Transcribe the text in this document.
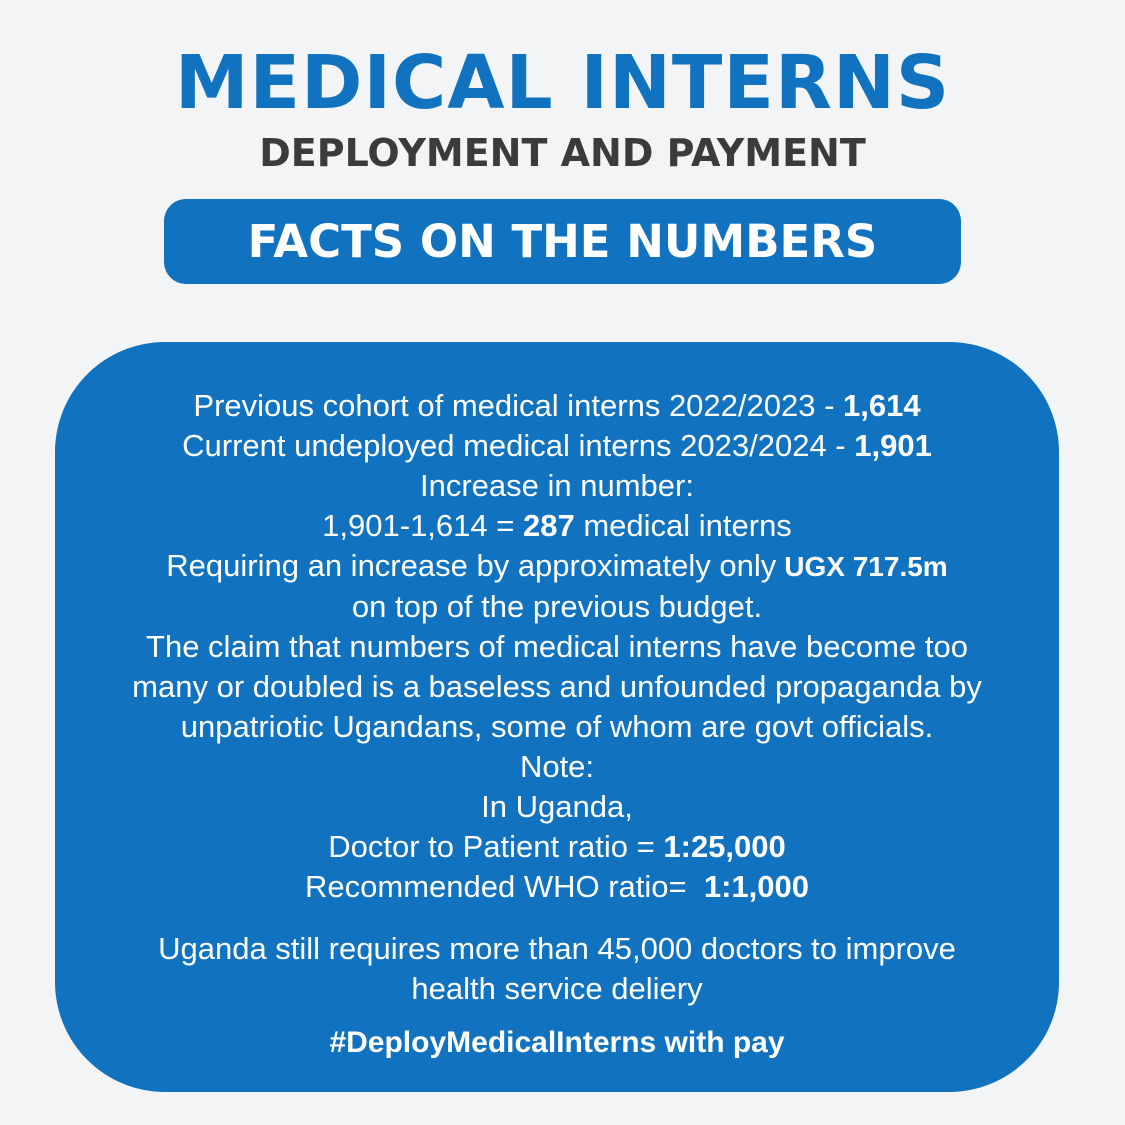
MEDICAL INTERNS
DEPLOYMENT AND PAYMENT
FACTS ON THE NUMBERS
Previous cohort of medical interns 2022/2023 - 1,614
Current undeployed medical interns 2023/2024 - 1,901
Increase in number:
1,901-1,614 = 287 medical interns
Requiring an increase by approximately only UGX 717.5m
on top of the previous budget.
The claim that numbers of medical interns have become too
many or doubled is a baseless and unfounded propaganda by
unpatriotic Ugandans, some of whom are govt officials.
Note:
In Uganda,
Doctor to Patient ratio = 1:25,000
Recommended WHO ratio=  1:1,000
Uganda still requires more than 45,000 doctors to improve
health service deliery
#DeployMedicalInterns with pay
